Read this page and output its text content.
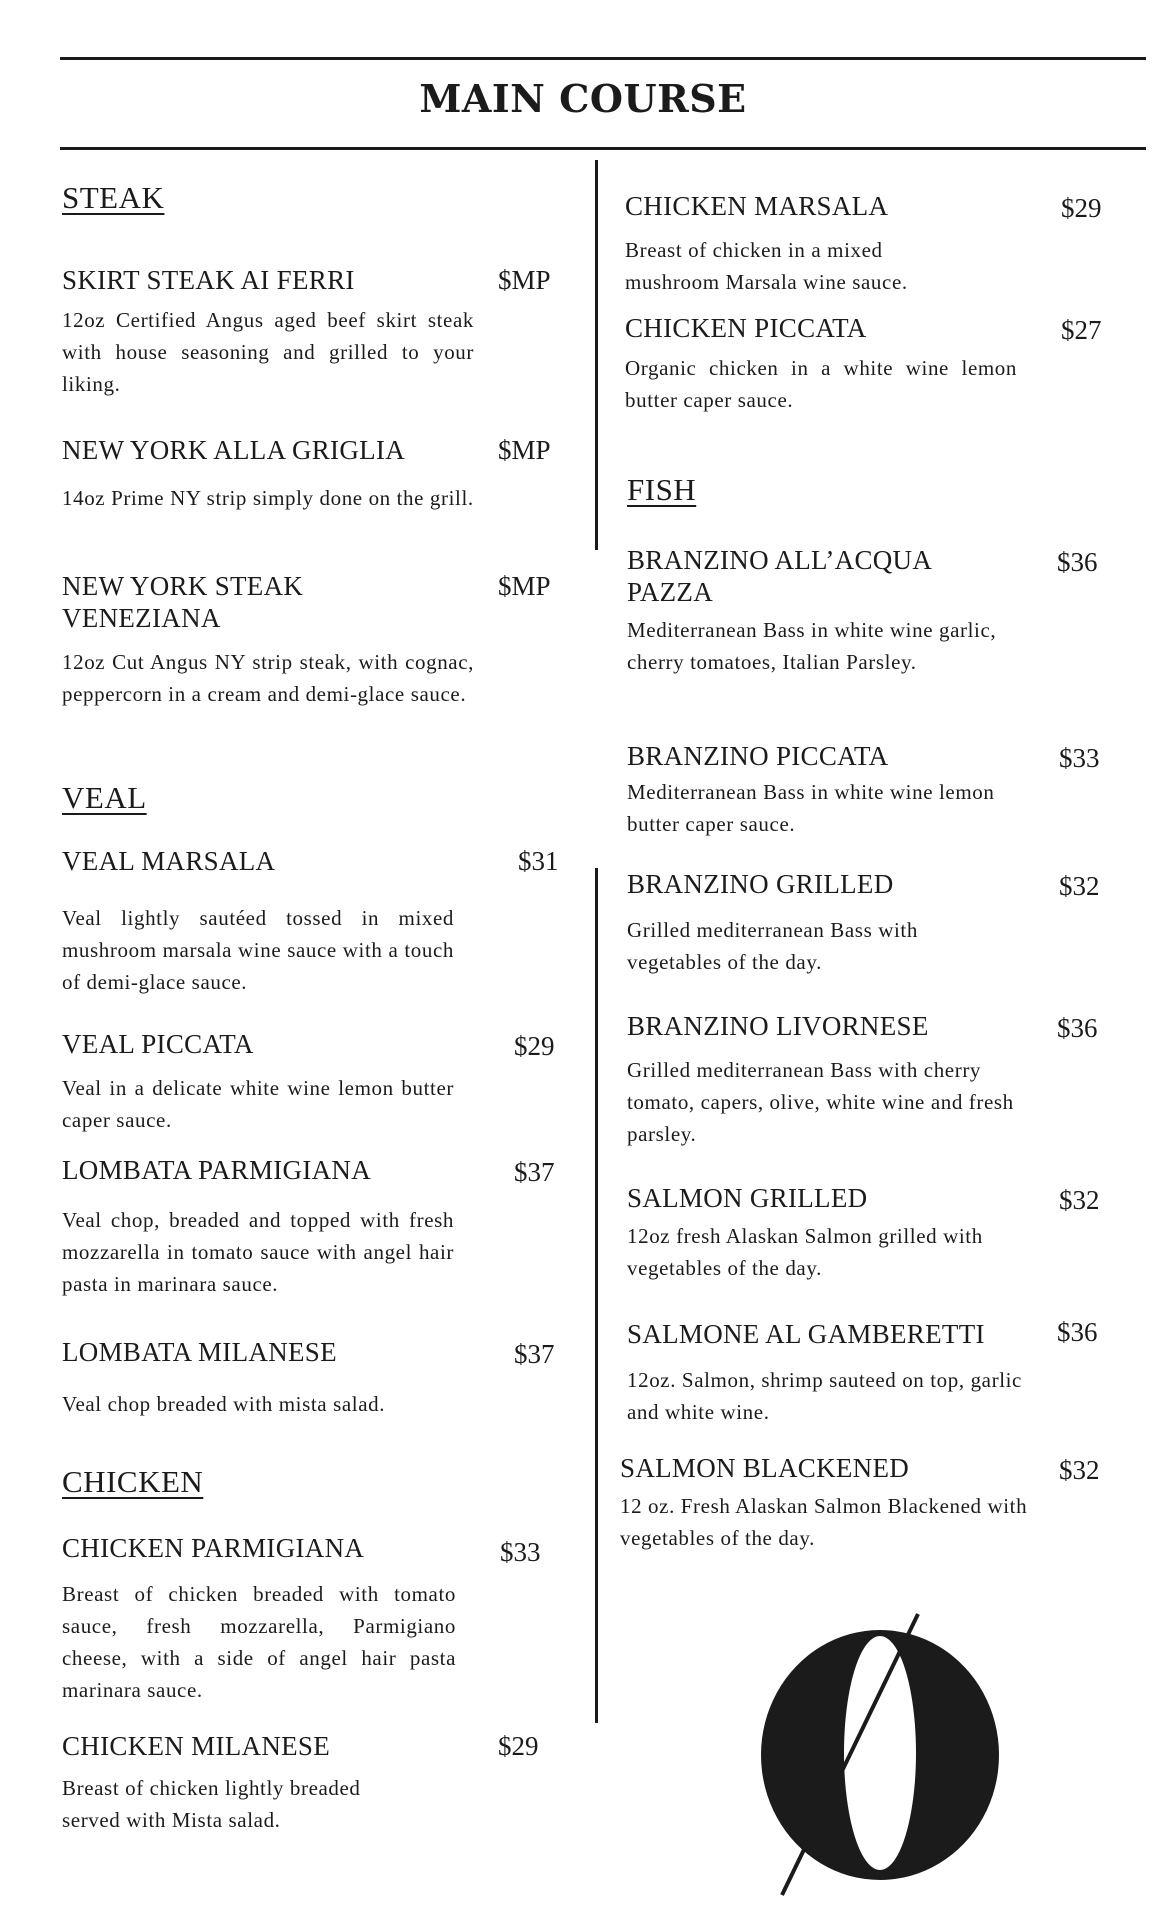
MAIN COURSE
STEAK
SKIRT STEAK AI FERRI	$MP
12oz Certified Angus aged beef skirt steak with house seasoning and grilled to your liking.
NEW YORK ALLA GRIGLIA	$MP
14oz Prime NY strip simply done on the grill.
NEW YORK STEAK VENEZIANA
$MP
12oz Cut Angus NY strip steak, with cognac, peppercorn in a cream and demi-glace sauce.
VEAL
VEAL MARSALA	$31
Veal lightly sautéed tossed in mixed mushroom marsala wine sauce with a touch of demi-glace sauce.
VEAL PICCATA	$29
Veal in a delicate white wine lemon butter caper sauce.
LOMBATA PARMIGIANA	$37
Veal chop, breaded and topped with fresh mozzarella in tomato sauce with angel hair pasta in marinara sauce.
LOMBATA MILANESE	$37
Veal chop breaded with mista salad.
CHICKEN
CHICKEN PARMIGIANA	$33
Breast of chicken breaded with tomato sauce, fresh mozzarella, Parmigiano cheese, with a side of angel hair pasta marinara sauce.
CHICKEN MILANESE	$29
Breast of chicken lightly breaded served with Mista salad.
CHICKEN MARSALA	$29
Breast of chicken in a mixed mushroom Marsala wine sauce.
CHICKEN PICCATA	$27
Organic chicken in a white wine lemon butter caper sauce.
FISH
BRANZINO ALL’ACQUA PAZZA
$36
Mediterranean Bass in white wine garlic, cherry tomatoes, Italian Parsley.
BRANZINO PICCATA	$33
Mediterranean Bass in white wine lemon butter caper sauce.
BRANZINO GRILLED	$32
Grilled mediterranean Bass with vegetables of the day.
BRANZINO LIVORNESE	$36
Grilled mediterranean Bass with cherry tomato, capers, olive, white wine and fresh parsley.
SALMON GRILLED	$32
12oz fresh Alaskan Salmon grilled with vegetables of the day.
SALMONE AL GAMBERETTI	$36
12oz. Salmon, shrimp sauteed on top, garlic and white wine.
SALMON BLACKENED	$32
12 oz. Fresh Alaskan Salmon Blackened with vegetables of the day.
